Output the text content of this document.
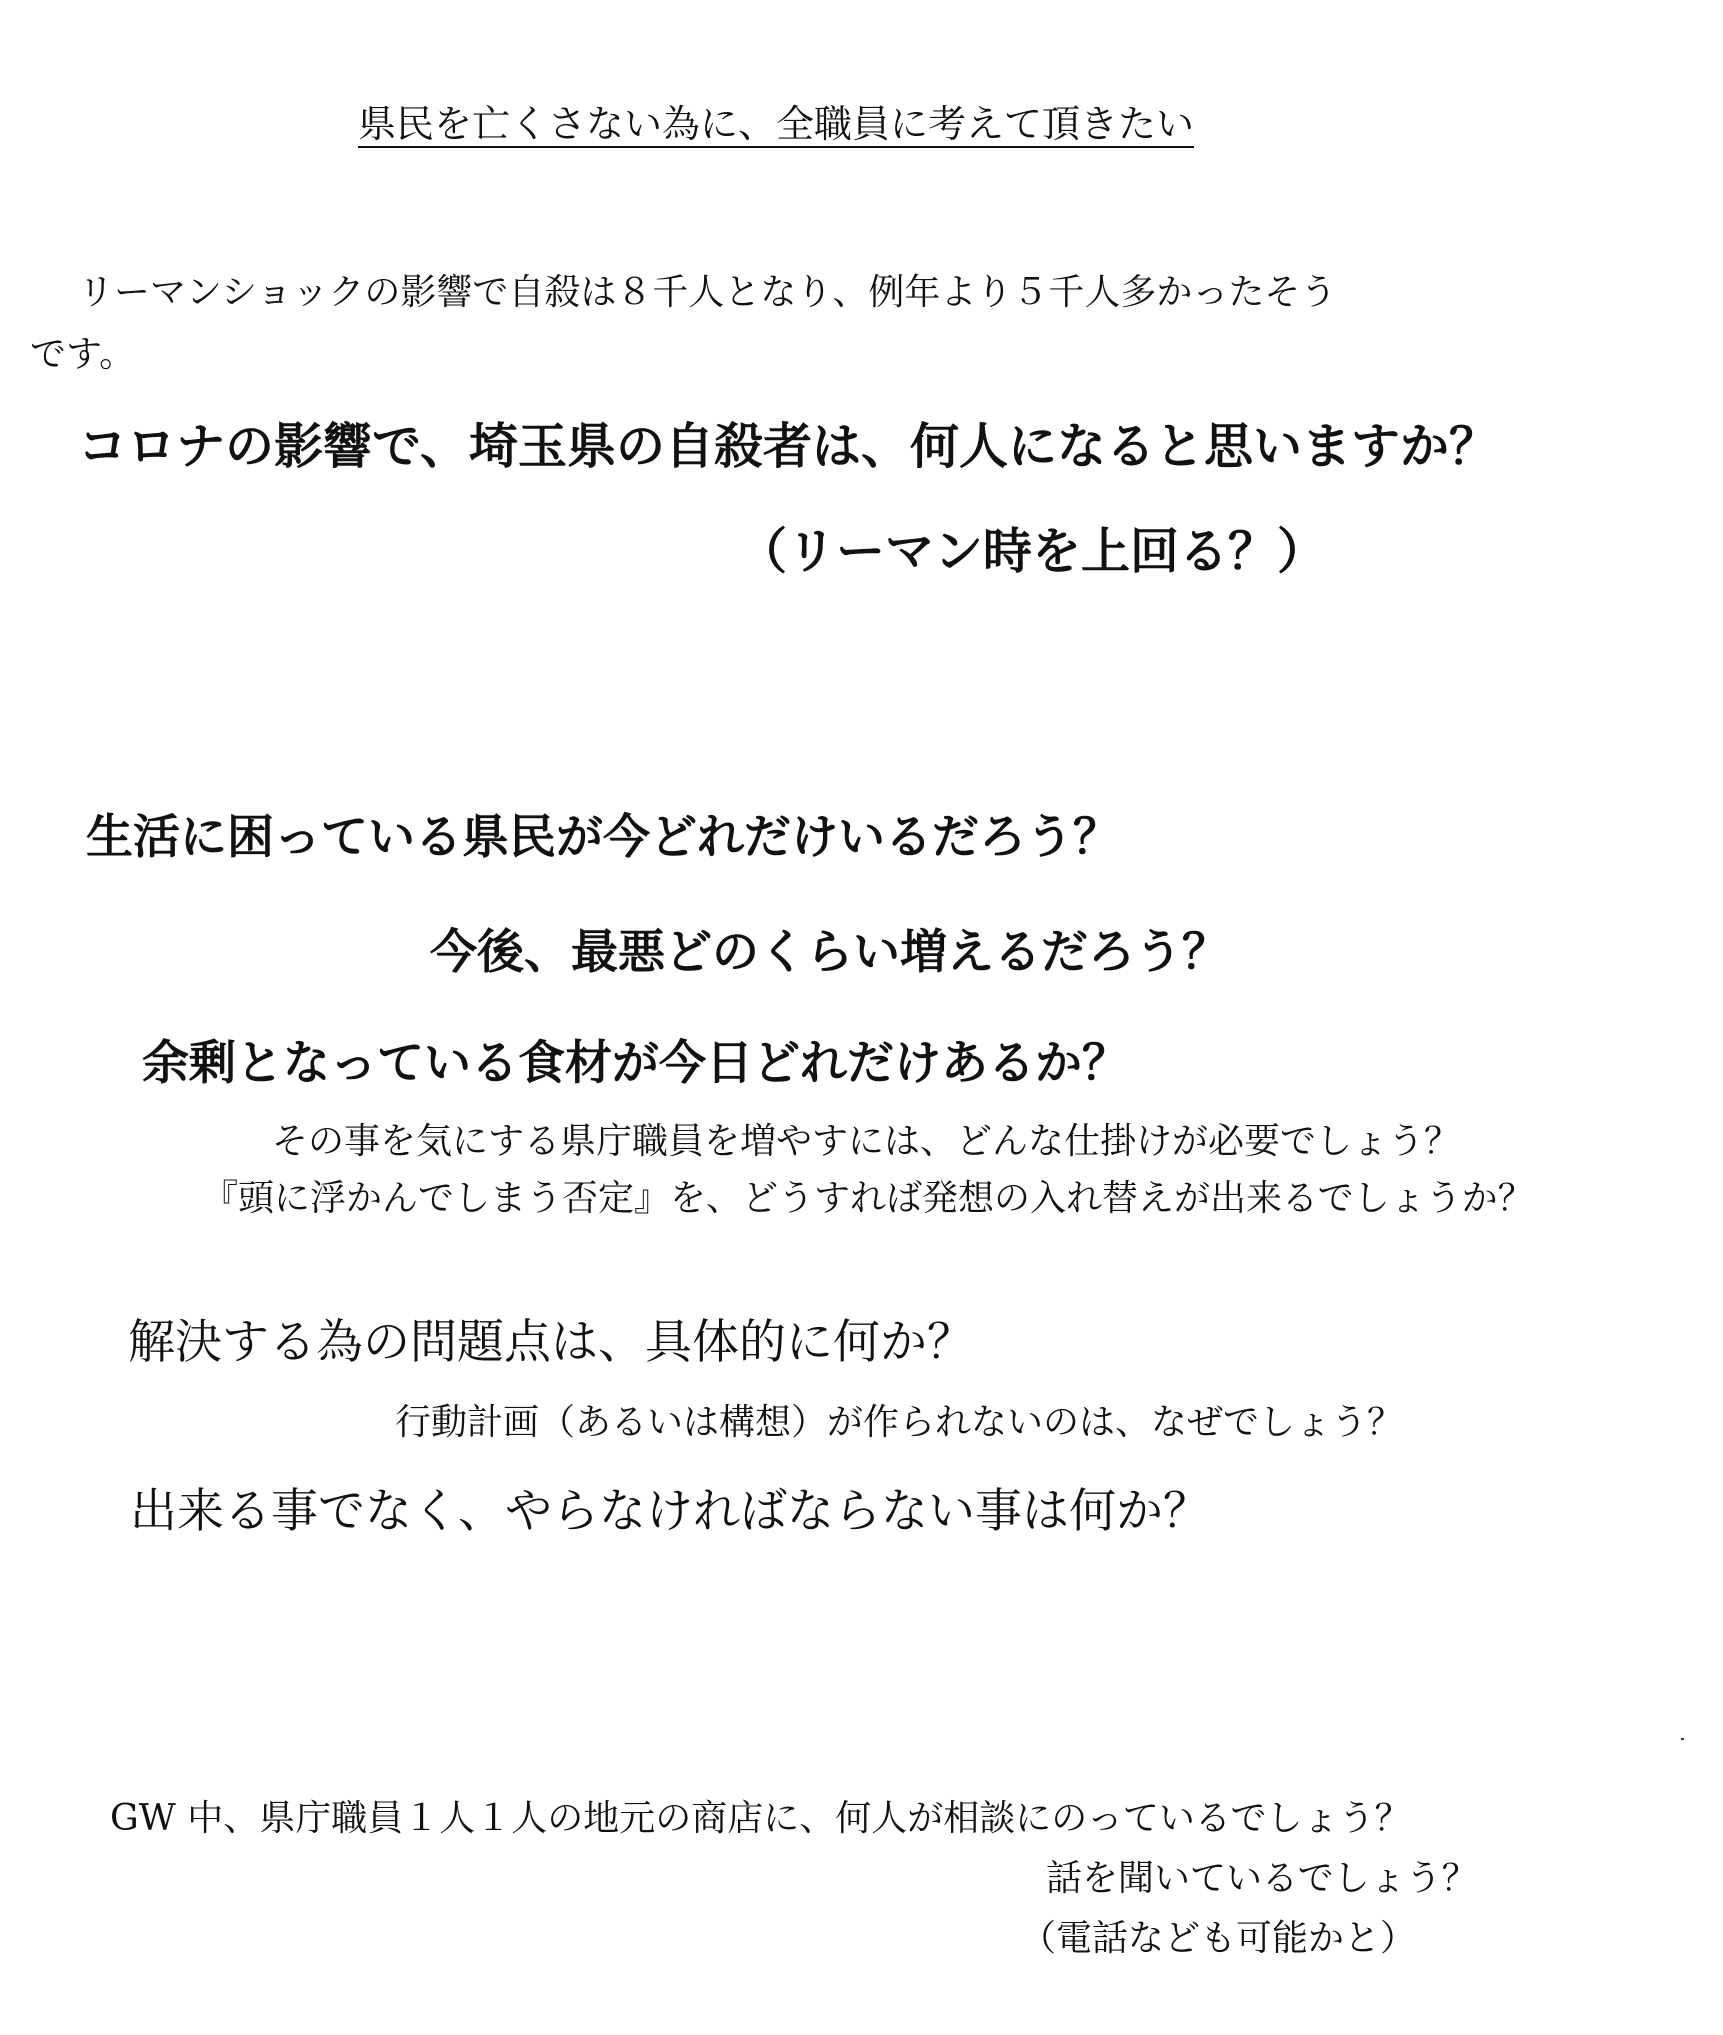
県民を亡くさない為に、全職員に考えて頂きたい

リーマンショックの影響で自殺は８千人となり、例年より５千人多かったそう

です。

コロナの影響で、埼玉県の自殺者は、何人になると思いますか？

（リーマン時を上回る？）

生活に困っている県民が今どれだけいるだろう？

今後、最悪どのくらい増えるだろう？

余剰となっている食材が今日どれだけあるか？

その事を気にする県庁職員を増やすには、どんな仕掛けが必要でしょう？

『頭に浮かんでしまう否定』を、どうすれば発想の入れ替えが出来るでしょうか？

解決する為の問題点は、具体的に何か？

行動計画（あるいは構想）が作られないのは、なぜでしょう？

出来る事でなく、やらなければならない事は何か？

GW 中、県庁職員１人１人の地元の商店に、何人が相談にのっているでしょう？

話を聞いているでしょう？

（電話なども可能かと）
